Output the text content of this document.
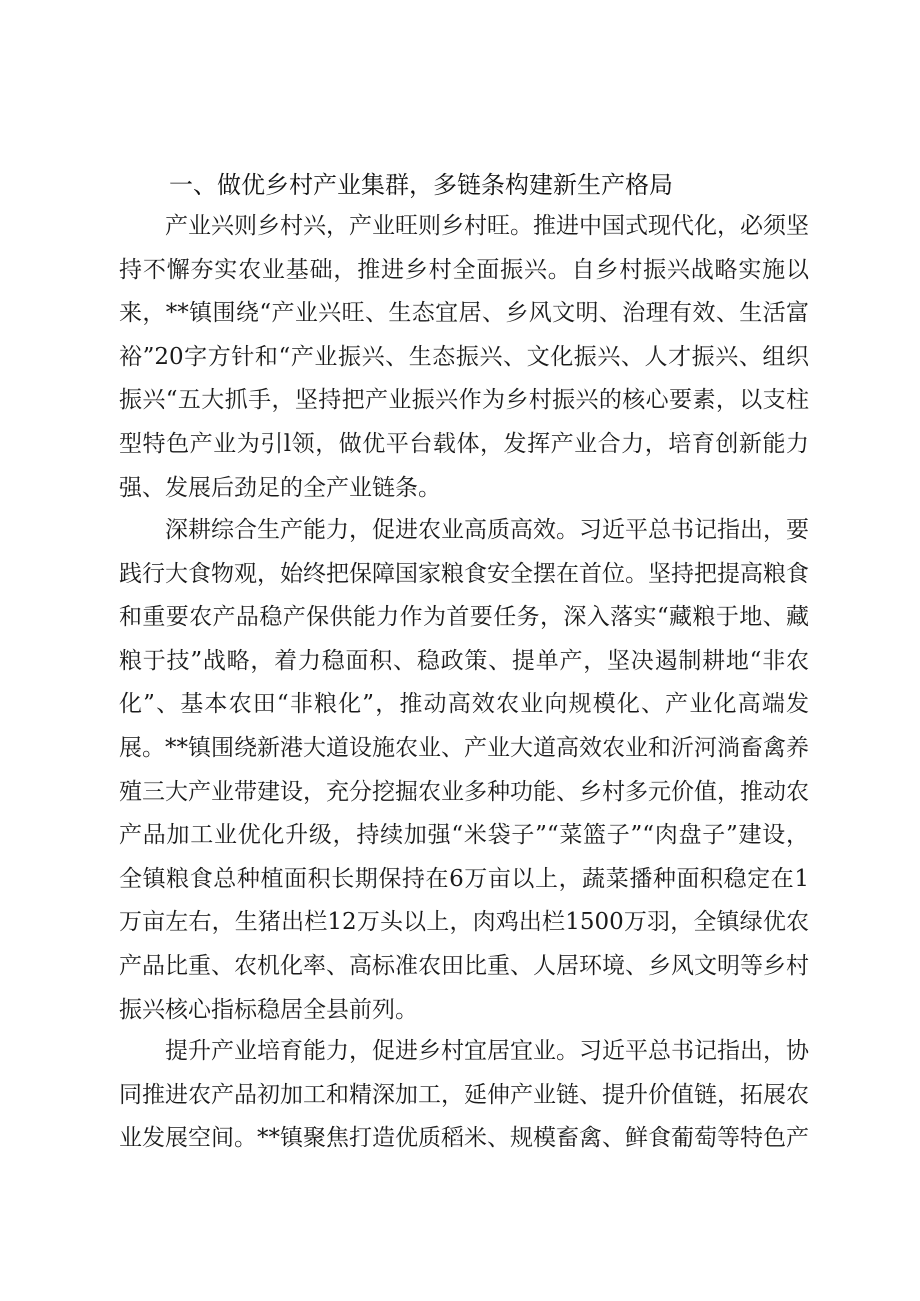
一、做优乡村产业集群，多链条构建新生产格局

产业兴则乡村兴，产业旺则乡村旺。推进中国式现代化，必须坚持不懈夯实农业基础，推进乡村全面振兴。自乡村振兴战略实施以来，**镇围绕“产业兴旺、生态宜居、乡风文明、治理有效、生活富裕”20字方针和“产业振兴、生态振兴、文化振兴、人才振兴、组织振兴“五大抓手，坚持把产业振兴作为乡村振兴的核心要素，以支柱型特色产业为引l领，做优平台载体，发挥产业合力，培育创新能力强、发展后劲足的全产业链条。

深耕综合生产能力，促进农业高质高效。习近平总书记指出，要践行大食物观，始终把保障国家粮食安全摆在首位。坚持把提高粮食和重要农产品稳产保供能力作为首要任务，深入落实“藏粮于地、藏粮于技”战略，着力稳面积、稳政策、提单产，坚决遏制耕地“非农化”、基本农田“非粮化”，推动高效农业向规模化、产业化高端发展。**镇围绕新港大道设施农业、产业大道高效农业和沂河淌畜禽养殖三大产业带建设，充分挖掘农业多种功能、乡村多元价值，推动农产品加工业优化升级，持续加强“米袋子”“菜篮子”“肉盘子”建设，全镇粮食总种植面积长期保持在6万亩以上，蔬菜播种面积稳定在1万亩左右，生猪出栏12万头以上，肉鸡出栏1500万羽，全镇绿优农产品比重、农机化率、高标准农田比重、人居环境、乡风文明等乡村振兴核心指标稳居全县前列。

提升产业培育能力，促进乡村宜居宜业。习近平总书记指出，协同推进农产品初加工和精深加工，延伸产业链、提升价值链，拓展农业发展空间。**镇聚焦打造优质稻米、规模畜禽、鲜食葡萄等特色产
